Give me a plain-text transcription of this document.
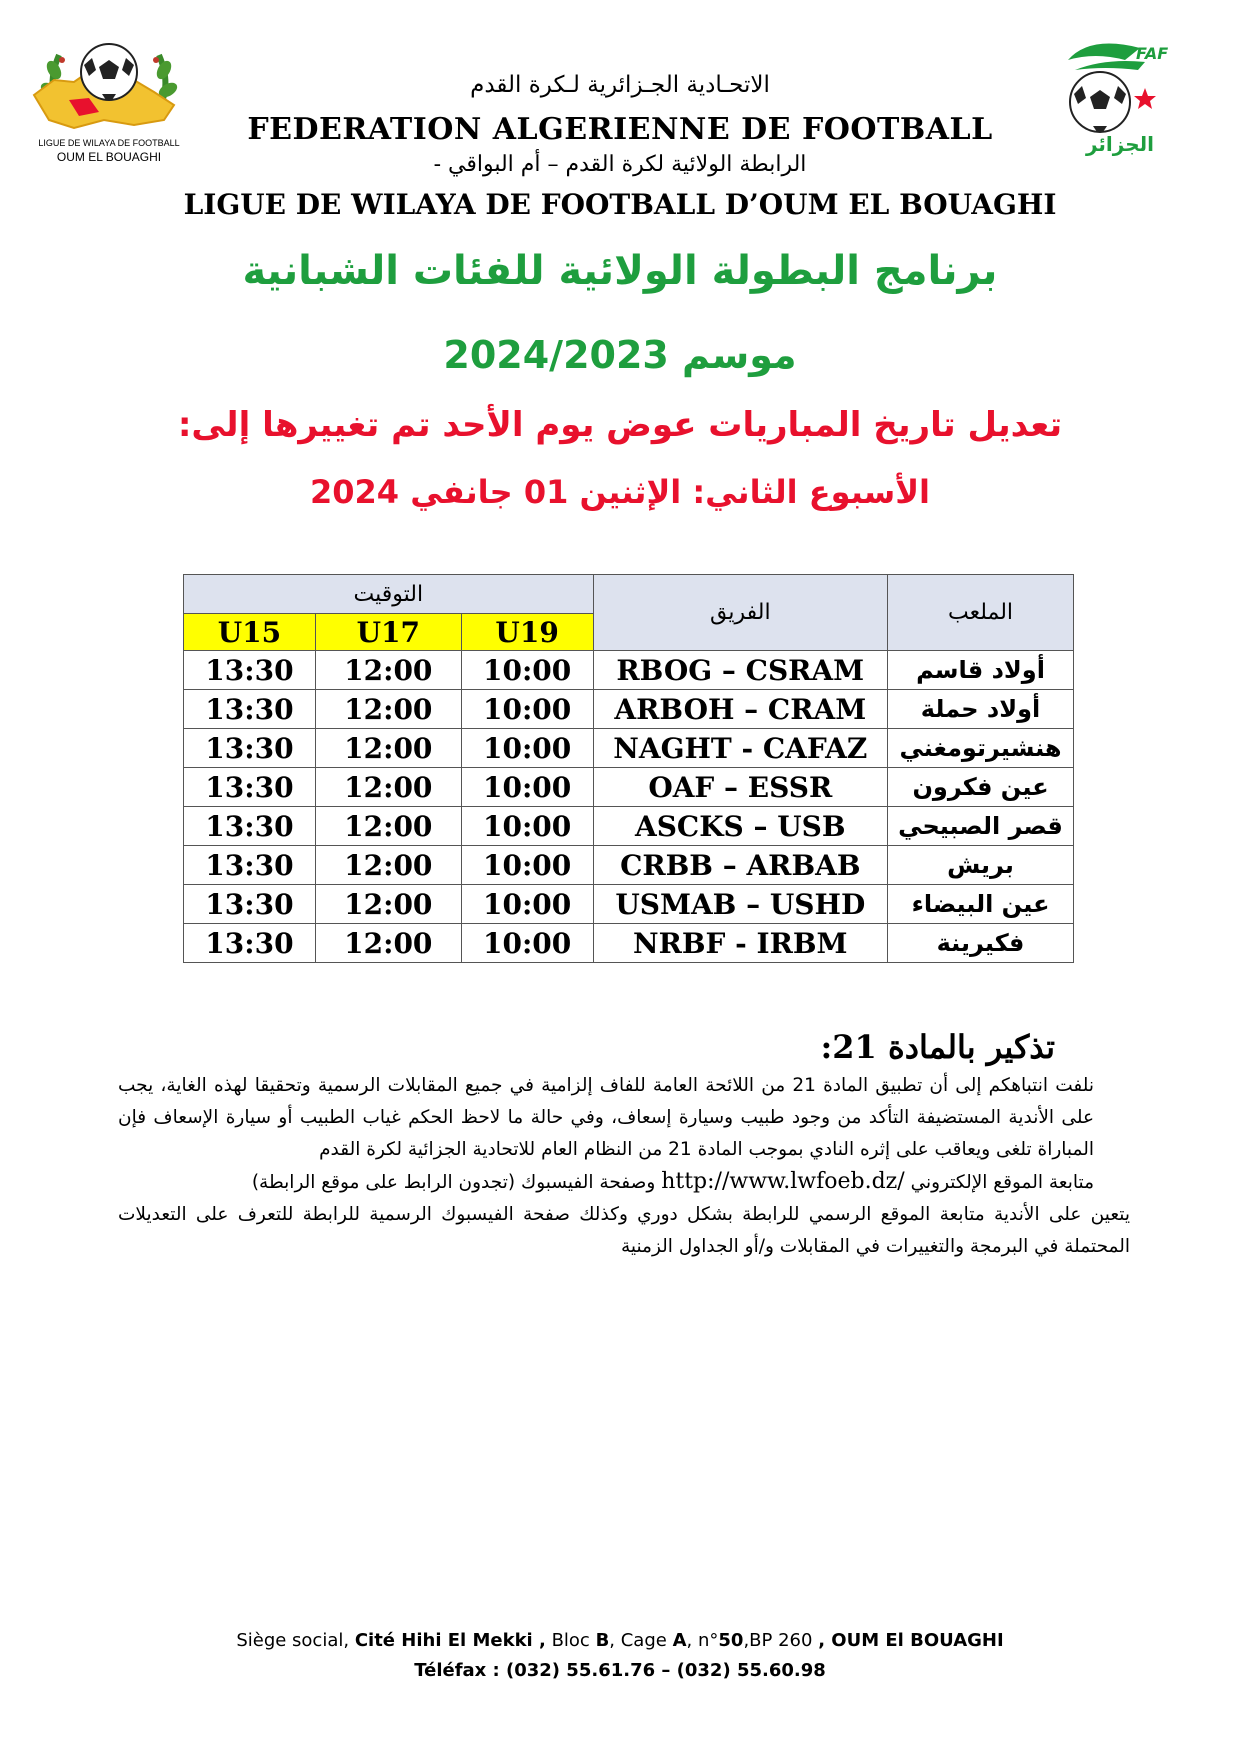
LIGUE DE WILAYA DE FOOTBALL
OUM EL BOUAGHI
FAF
الجزائر
الاتحـادية الجـزائرية لـكرة القدم
FEDERATION ALGERIENNE DE FOOTBALL
الرابطة الولائية لكرة القدم – أم البواقي -
LIGUE DE WILAYA DE FOOTBALL D’OUM EL BOUAGHI
برنامج البطولة الولائية للفئات الشبانية
موسم 2024/2023
تعديل تاريخ المباريات عوض يوم الأحد تم تغييرها إلى:
الأسبوع الثاني: الإثنين 01 جانفي 2024
التوقيت			الفريق	الملعب
U15	U17	U19		
13:30	12:00	10:00	RBOG – CSRAM	أولاد قاسم
13:30	12:00	10:00	ARBOH – CRAM	أولاد حملة
13:30	12:00	10:00	NAGHT - CAFAZ	هنشيرتومغني
13:30	12:00	10:00	OAF – ESSR	عين فكرون
13:30	12:00	10:00	ASCKS – USB	قصر الصبيحي
13:30	12:00	10:00	CRBB – ARBAB	بريش
13:30	12:00	10:00	USMAB – USHD	عين البيضاء
13:30	12:00	10:00	NRBF - IRBM	فكيرينة
تذكير بالمادة 21:

نلفت انتباهكم إلى أن تطبيق المادة 21 من اللائحة العامة للفاف إلزامية في جميع المقابلات الرسمية وتحقيقا لهذه الغاية، يجب على الأندية المستضيفة التأكد من وجود طبيب وسيارة إسعاف، وفي حالة ما لاحظ الحكم غياب الطبيب أو سيارة الإسعاف فإن المباراة تلغى ويعاقب على إثره النادي بموجب المادة 21 من النظام العام للاتحادية الجزائية لكرة القدم

متابعة الموقع الإلكتروني http://www.lwfoeb.dz/ وصفحة الفيسبوك (تجدون الرابط على موقع الرابطة)

يتعين على الأندية متابعة الموقع الرسمي للرابطة بشكل دوري وكذلك صفحة الفيسبوك الرسمية للرابطة للتعرف على التعديلات المحتملة في البرمجة والتغييرات في المقابلات و/أو الجداول الزمنية

Siège social, Cité Hihi El Mekki , Bloc B, Cage A, n°50,BP 260 , OUM El BOUAGHI
Téléfax : (032) 55.61.76 – (032) 55.60.98
